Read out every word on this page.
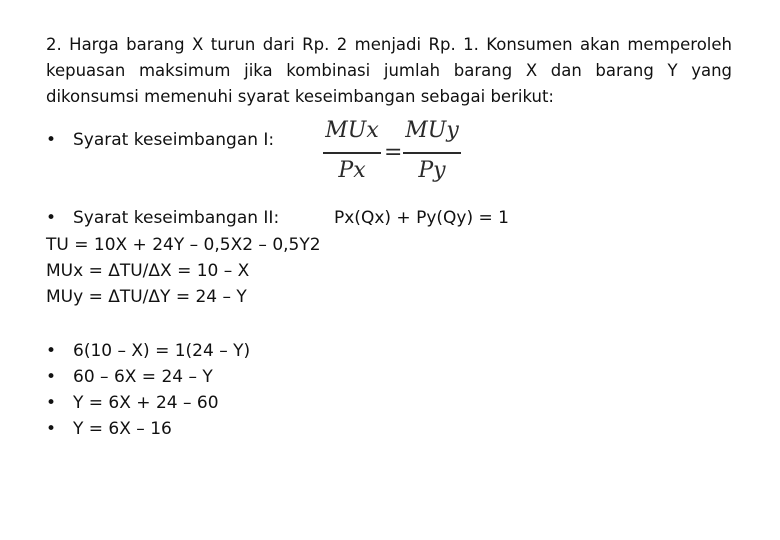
2. Harga barang X turun dari Rp. 2 menjadi Rp. 1. Konsumen akan memperoleh kepuasan maksimum jika kombinasi jumlah barang X dan barang Y yang dikonsumsi memenuhi syarat keseimbangan sebagai berikut:
• Syarat keseimbangan I: MUx
Px
=
MUy
Py
• Syarat keseimbangan II:	Px(Qx) + Py(Qy) = 1
TU = 10X + 24Y – 0,5X2 – 0,5Y2
MUx = ΔTU/ΔX = 10 – X
MUy = ΔTU/ΔY = 24 – Y
• 6(10 – X) = 1(24 – Y)
• 60 – 6X = 24 – Y
• Y = 6X + 24 – 60
• Y = 6X – 16
